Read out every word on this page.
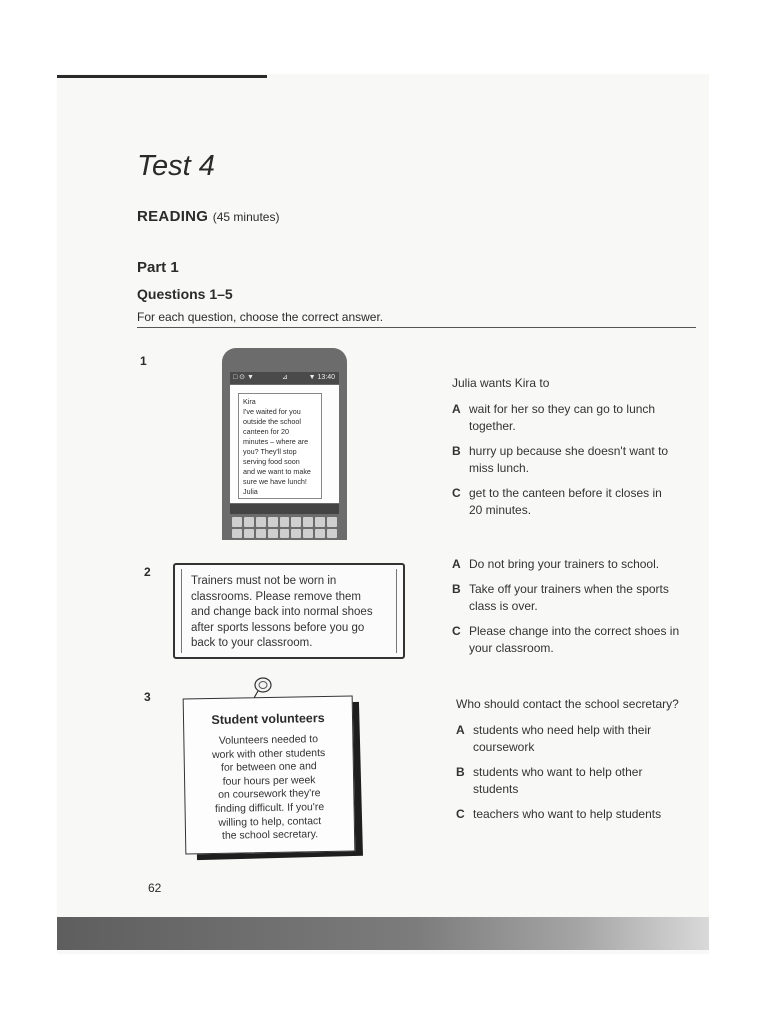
Test 4
READING (45 minutes)
Part 1
Questions 1–5
For each question, choose the correct answer.
1
□ ⊙ ▼	⊿	▼ 13:40
Kira
I've waited for you
outside the school
canteen for 20
minutes – where are
you? They'll stop
serving food soon
and we want to make
sure we have lunch!
Julia
Julia wants Kira to
A wait for her so they can go to lunch
together.
B hurry up because she doesn't want to
miss lunch.
C get to the canteen before it closes in
20 minutes.
2
Trainers must not be worn in
classrooms. Please remove them
and change back into normal shoes
after sports lessons before you go
back to your classroom.
A Do not bring your trainers to school.
B Take off your trainers when the sports
class is over.
C Please change into the correct shoes in
your classroom.
3
Student volunteers
Volunteers needed to
work with other students
for between one and
four hours per week
on coursework they're
finding difficult. If you're
willing to help, contact
the school secretary.
Who should contact the school secretary?
A students who need help with their
coursework
B students who want to help other
students
C teachers who want to help students
62
